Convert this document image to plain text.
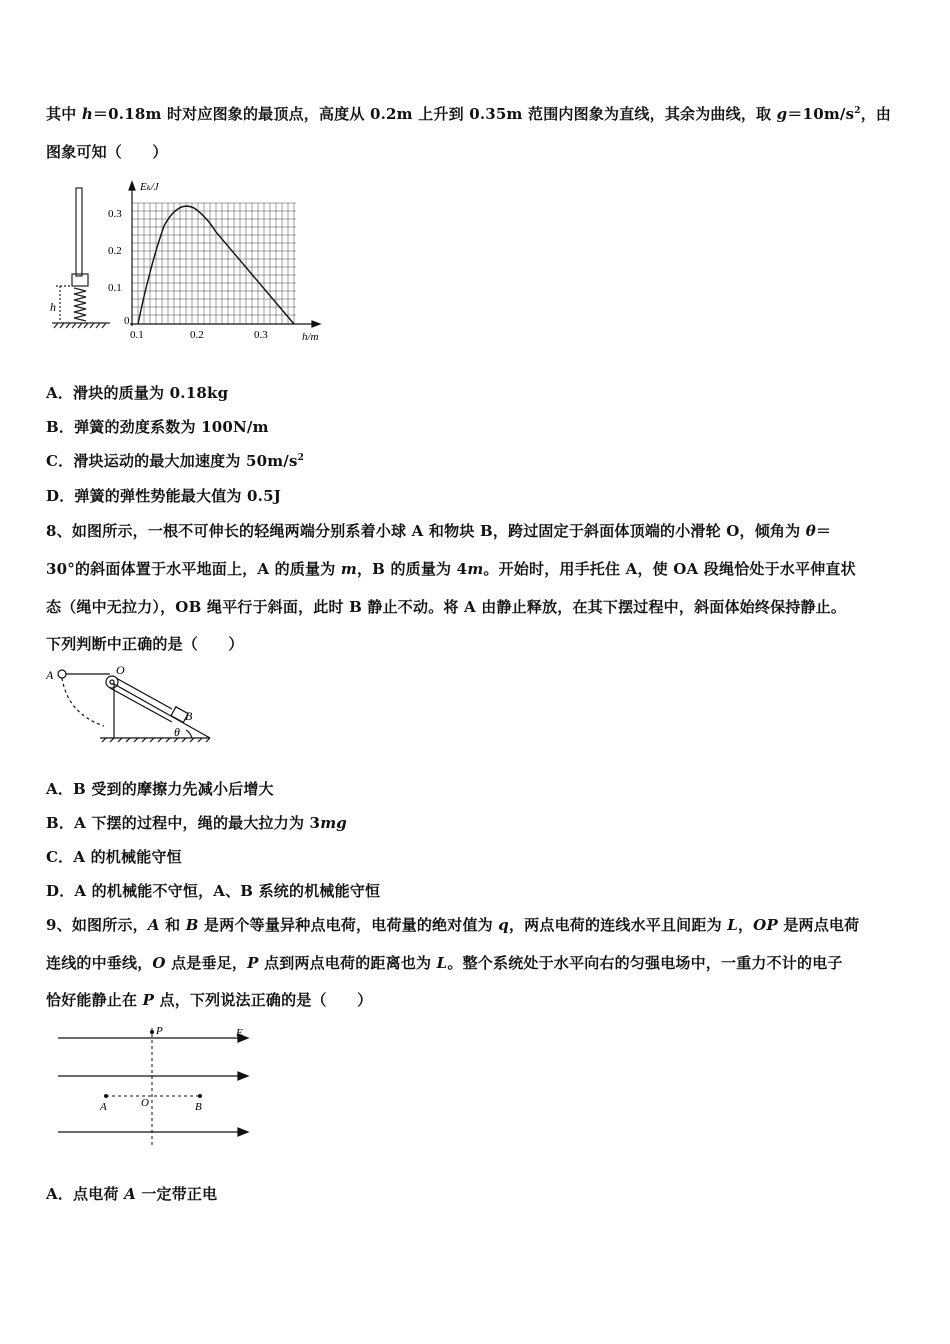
其中 h＝0.18m 时对应图象的最顶点，高度从 0.2m 上升到 0.35m 范围内图象为直线，其余为曲线，取 $g=10m/s^2$，由
图象可知（　　）
h
Eₖ/J
0.3
0.2
0.1
0
0.1	0.2	0.3	h/m
A．滑块的质量为 0.18kg
B．弹簧的劲度系数为 100N/m
C．滑块运动的最大加速度为 $50m/s^2$
D．弹簧的弹性势能最大值为 0.5J
8、如图所示，一根不可伸长的轻绳两端分别系着小球 A 和物块 B，跨过固定于斜面体顶端的小滑轮 O，倾角为 θ＝
30°的斜面体置于水平地面上，A 的质量为 m，B 的质量为 4m。开始时，用手托住 A，使 OA 段绳恰处于水平伸直状
态（绳中无拉力），OB 绳平行于斜面，此时 B 静止不动。将 A 由静止释放，在其下摆过程中，斜面体始终保持静止。
下列判断中正确的是（　　）
A	O
B
θ
A．B 受到的摩擦力先减小后增大
B．A 下摆的过程中，绳的最大拉力为 3mg
C．A 的机械能守恒
D．A 的机械能不守恒，A、B 系统的机械能守恒
9、如图所示，A 和 B 是两个等量异种点电荷，电荷量的绝对值为 q，两点电荷的连线水平且间距为 L，OP 是两点电荷
连线的中垂线，O 点是垂足，P 点到两点电荷的距离也为 L。整个系统处于水平向右的匀强电场中，一重力不计的电子
恰好能静止在 P 点，下列说法正确的是（　　）
P	E
A	O	B
A．点电荷 A 一定带正电
